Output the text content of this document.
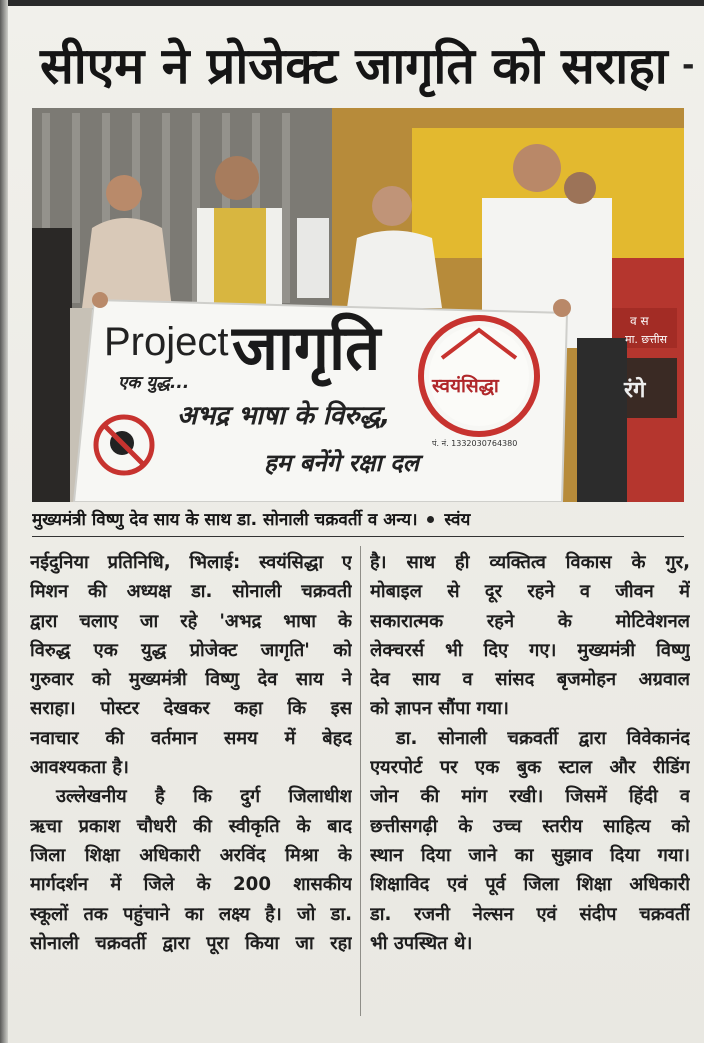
सीएम ने प्रोजेक्ट जागृति को सराहा -
Project जागृति
एक युद्ध...
अभद्र भाषा के विरुद्ध,
हम बनेंगे रक्षा दल
स्वयंसिद्धा
पं. नं. 1332030764380
व स
मा. छत्तीस
रंगे
मुख्यमंत्री विष्णु देव साय के साथ डा. सोनाली चक्रवर्ती व अन्य। स्वंय
नईदुनिया प्रतिनिधि, भिलाई: स्वयंसिद्धा ए
मिशन की अध्यक्ष डा. सोनाली चक्रवती
द्वारा चलाए जा रहे 'अभद्र भाषा के
विरुद्ध एक युद्ध प्रोजेक्ट जागृति' को
गुरुवार को मुख्यमंत्री विष्णु देव साय ने
सराहा। पोस्टर देखकर कहा कि इस
नवाचार की वर्तमान समय में बेहद
आवश्यकता है।
उल्लेखनीय है कि दुर्ग जिलाधीश
ऋचा प्रकाश चौधरी की स्वीकृति के बाद
जिला शिक्षा अधिकारी अरविंद मिश्रा के
मार्गदर्शन में जिले के 200 शासकीय
स्कूलों तक पहुंचाने का लक्ष्य है। जो डा.
सोनाली चक्रवर्ती द्वारा पूरा किया जा रहा
है। साथ ही व्यक्तित्व विकास के गुर,
मोबाइल से दूर रहने व जीवन में
सकारात्मक रहने के मोटिवेशनल
लेक्चरर्स भी दिए गए। मुख्यमंत्री विष्णु
देव साय व सांसद बृजमोहन अग्रवाल
को ज्ञापन सौंपा गया।
डा. सोनाली चक्रवर्ती द्वारा विवेकानंद
एयरपोर्ट पर एक बुक स्टाल और रीडिंग
जोन की मांग रखी। जिसमें हिंदी व
छत्तीसगढ़ी के उच्च स्तरीय साहित्य को
स्थान दिया जाने का सुझाव दिया गया।
शिक्षाविद एवं पूर्व जिला शिक्षा अधिकारी
डा. रजनी नेल्सन एवं संदीप चक्रवर्ती
भी उपस्थित थे।
